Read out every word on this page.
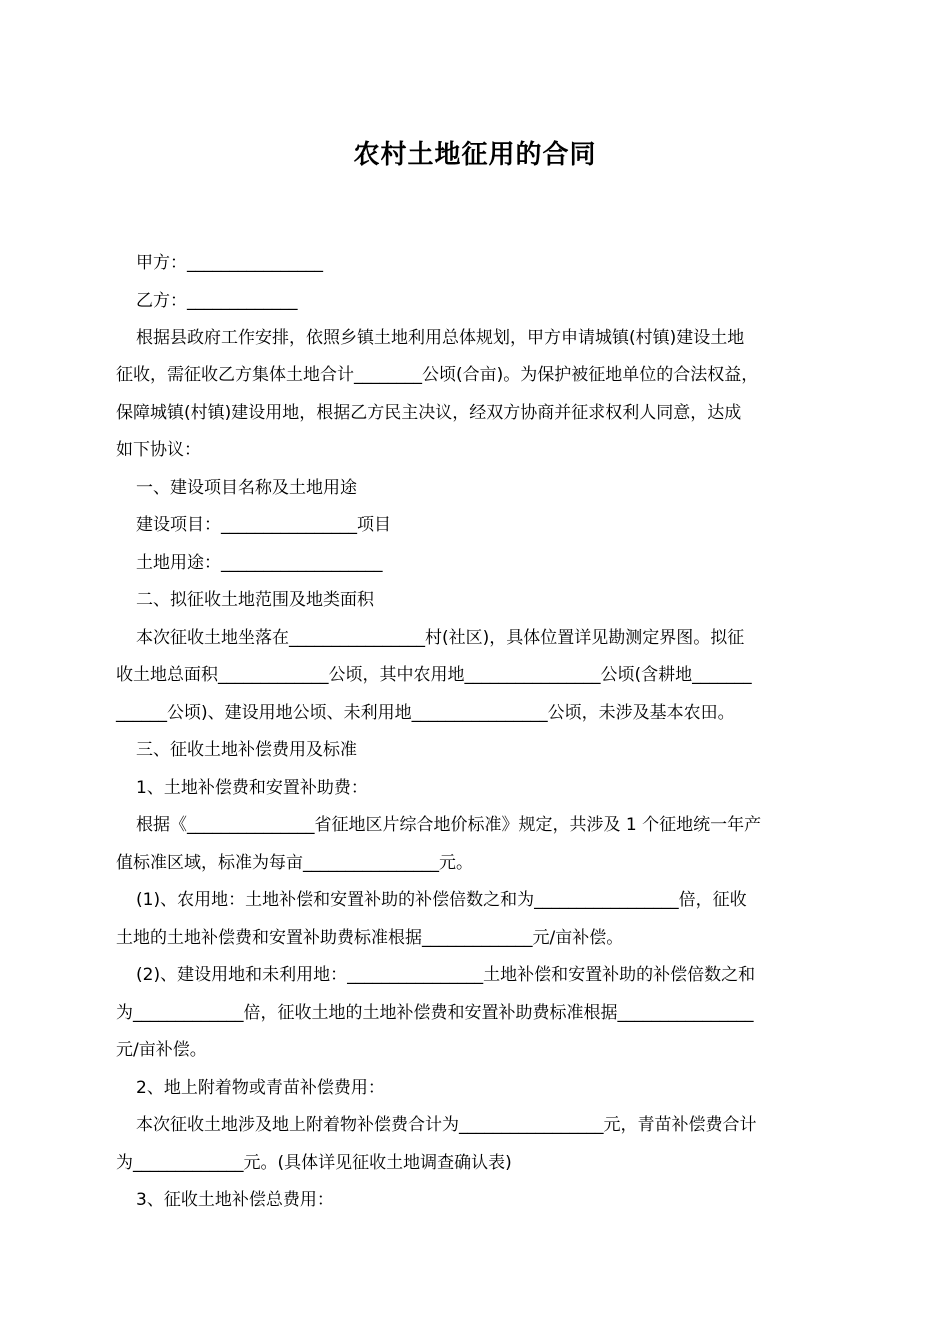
农村土地征用的合同
甲方：________________
乙方：_____________
根据县政府工作安排，依照乡镇土地利用总体规划，甲方申请城镇(村镇)建设土地
征收，需征收乙方集体土地合计________公顷(合亩)。为保护被征地单位的合法权益，
保障城镇(村镇)建设用地，根据乙方民主决议，经双方协商并征求权利人同意，达成
如下协议：
一、建设项目名称及土地用途
建设项目：________________项目
土地用途：___________________
二、拟征收土地范围及地类面积
本次征收土地坐落在________________村(社区)，具体位置详见勘测定界图。拟征
收土地总面积_____________公顷，其中农用地________________公顷(含耕地_______
______公顷)、建设用地公顷、未利用地________________公顷，未涉及基本农田。
三、征收土地补偿费用及标准
1、土地补偿费和安置补助费：
根据《_______________省征地区片综合地价标准》规定，共涉及 1 个征地统一年产
值标准区域，标准为每亩________________元。
(1)、农用地：土地补偿和安置补助的补偿倍数之和为_________________倍，征收
土地的土地补偿费和安置补助费标准根据_____________元/亩补偿。
(2)、建设用地和未利用地：________________土地补偿和安置补助的补偿倍数之和
为_____________倍，征收土地的土地补偿费和安置补助费标准根据________________
元/亩补偿。
2、地上附着物或青苗补偿费用：
本次征收土地涉及地上附着物补偿费合计为_________________元，青苗补偿费合计
为_____________元。(具体详见征收土地调查确认表)
3、征收土地补偿总费用：
